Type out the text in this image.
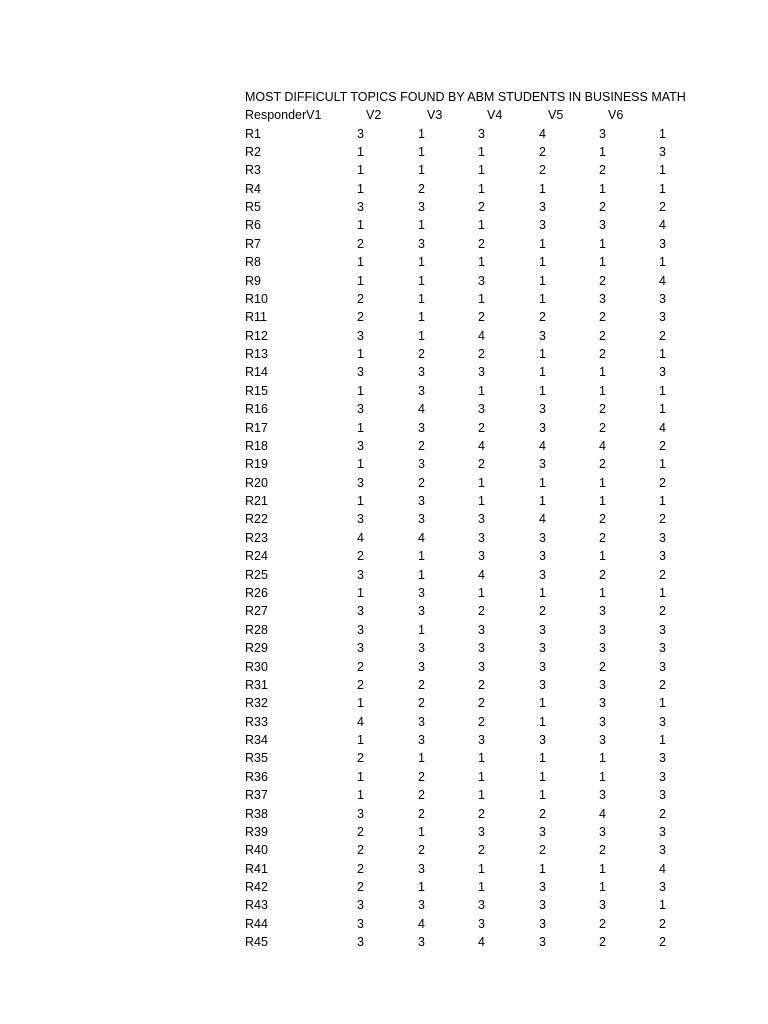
MOST DIFFICULT TOPICS FOUND BY ABM STUDENTS IN BUSINESS MATH
ResponderV1	V2	V3	V4	V5	V6
R1	3	1	3	4	3	1
R2	1	1	1	2	1	3
R3	1	1	1	2	2	1
R4	1	2	1	1	1	1
R5	3	3	2	3	2	2
R6	1	1	1	3	3	4
R7	2	3	2	1	1	3
R8	1	1	1	1	1	1
R9	1	1	3	1	2	4
R10	2	1	1	1	3	3
R11	2	1	2	2	2	3
R12	3	1	4	3	2	2
R13	1	2	2	1	2	1
R14	3	3	3	1	1	3
R15	1	3	1	1	1	1
R16	3	4	3	3	2	1
R17	1	3	2	3	2	4
R18	3	2	4	4	4	2
R19	1	3	2	3	2	1
R20	3	2	1	1	1	2
R21	1	3	1	1	1	1
R22	3	3	3	4	2	2
R23	4	4	3	3	2	3
R24	2	1	3	3	1	3
R25	3	1	4	3	2	2
R26	1	3	1	1	1	1
R27	3	3	2	2	3	2
R28	3	1	3	3	3	3
R29	3	3	3	3	3	3
R30	2	3	3	3	2	3
R31	2	2	2	3	3	2
R32	1	2	2	1	3	1
R33	4	3	2	1	3	3
R34	1	3	3	3	3	1
R35	2	1	1	1	1	3
R36	1	2	1	1	1	3
R37	1	2	1	1	3	3
R38	3	2	2	2	4	2
R39	2	1	3	3	3	3
R40	2	2	2	2	2	3
R41	2	3	1	1	1	4
R42	2	1	1	3	1	3
R43	3	3	3	3	3	1
R44	3	4	3	3	2	2
R45	3	3	4	3	2	2
